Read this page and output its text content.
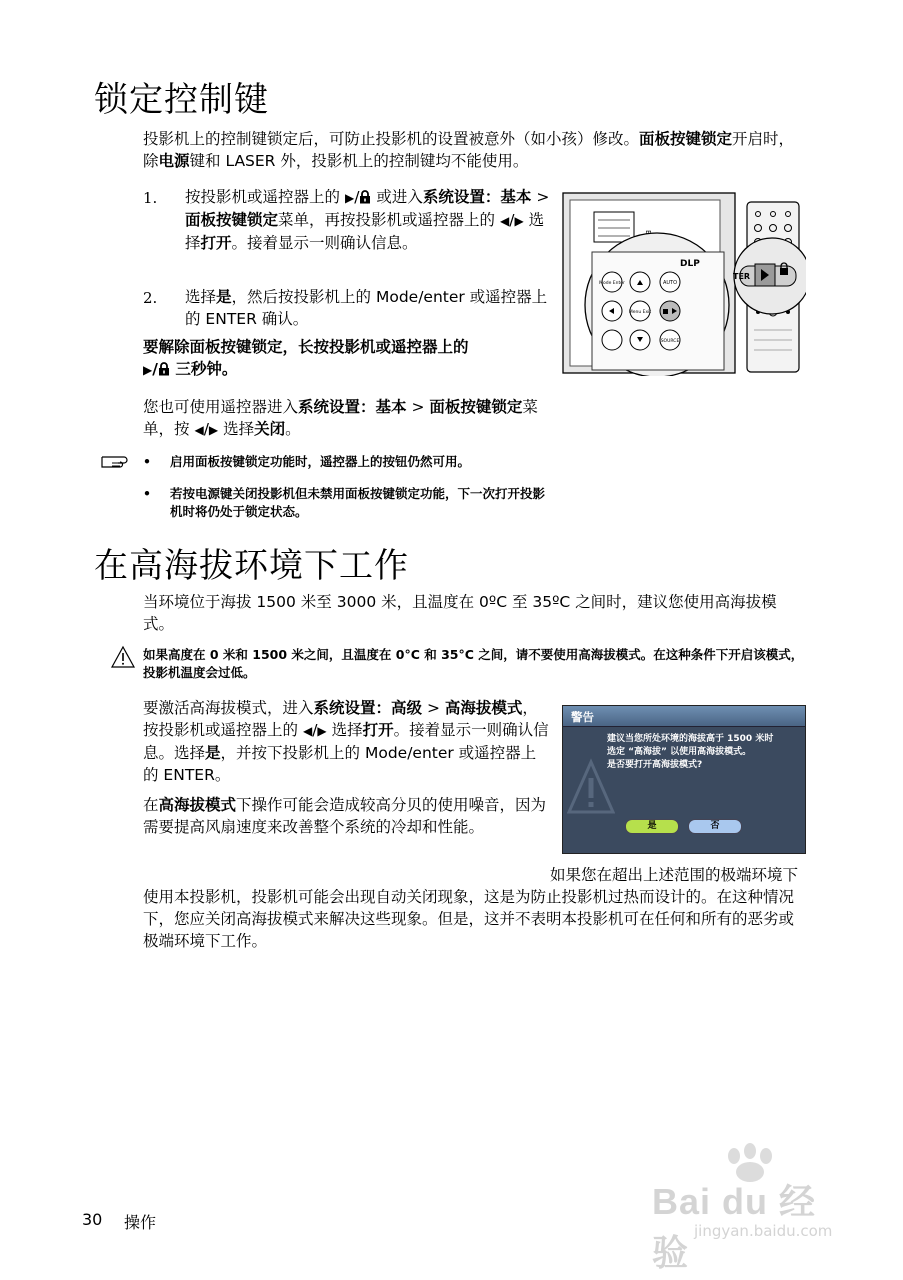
锁定控制键
投影机上的控制键锁定后，可防止投影机的设置被意外（如小孩）修改。面板按键锁定开启时，除电源键和 LASER 外，投影机上的控制键均不能使用。
1. 按投影机或遥控器上的 ▶/ 或进入系统设置：基本 > 面板按键锁定菜单，再按投影机或遥控器上的 ◀/▶ 选择打开。接着显示一则确认信息。
2. 选择是，然后按投影机上的 Mode/enter 或遥控器上的 ENTER 确认。
要解除面板按键锁定，长按投影机或遥控器上的
▶/ 三秒钟。
您也可使用遥控器进入系统设置：基本 > 面板按键锁定菜单，按 ◀/▶ 选择关闭。
• 启用面板按键锁定功能时，遥控器上的按钮仍然可用。
• 若按电源键关闭投影机但未禁用面板按键锁定功能，下一次打开投影机时将仍处于锁定状态。
TER
DLP
Mode Enter	AUTO
Menu Exit
SOURCE
在高海拔环境下工作
当环境位于海拔 1500 米至 3000 米，且温度在 0ºC 至 35ºC 之间时，建议您使用高海拔模式。
如果高度在 0 米和 1500 米之间，且温度在 0°C 和 35°C 之间，请不要使用高海拔模式。在这种条件下开启该模式，投影机温度会过低。
要激活高海拔模式，进入系统设置：高级 > 高海拔模式，按投影机或遥控器上的 ◀/▶ 选择打开。接着显示一则确认信息。选择是，并按下投影机上的 Mode/enter 或遥控器上的 ENTER。
在高海拔模式下操作可能会造成较高分贝的使用噪音，因为需要提高风扇速度来改善整个系统的冷却和性能。
如果您在超出上述范围的极端环境下使用本投影机，投影机可能会出现自动关闭现象，这是为防止投影机过热而设计的。在这种情况下，您应关闭高海拔模式来解决这些现象。但是，这并不表明本投影机可在任何和所有的恶劣或极端环境下工作。
警告
建议当您所处环境的海拔高于 1500 米时
选定 “高海拔” 以使用高海拔模式。
是否要打开高海拔模式?
是	否
30 操作
Bai du 经验
jingyan.baidu.com
